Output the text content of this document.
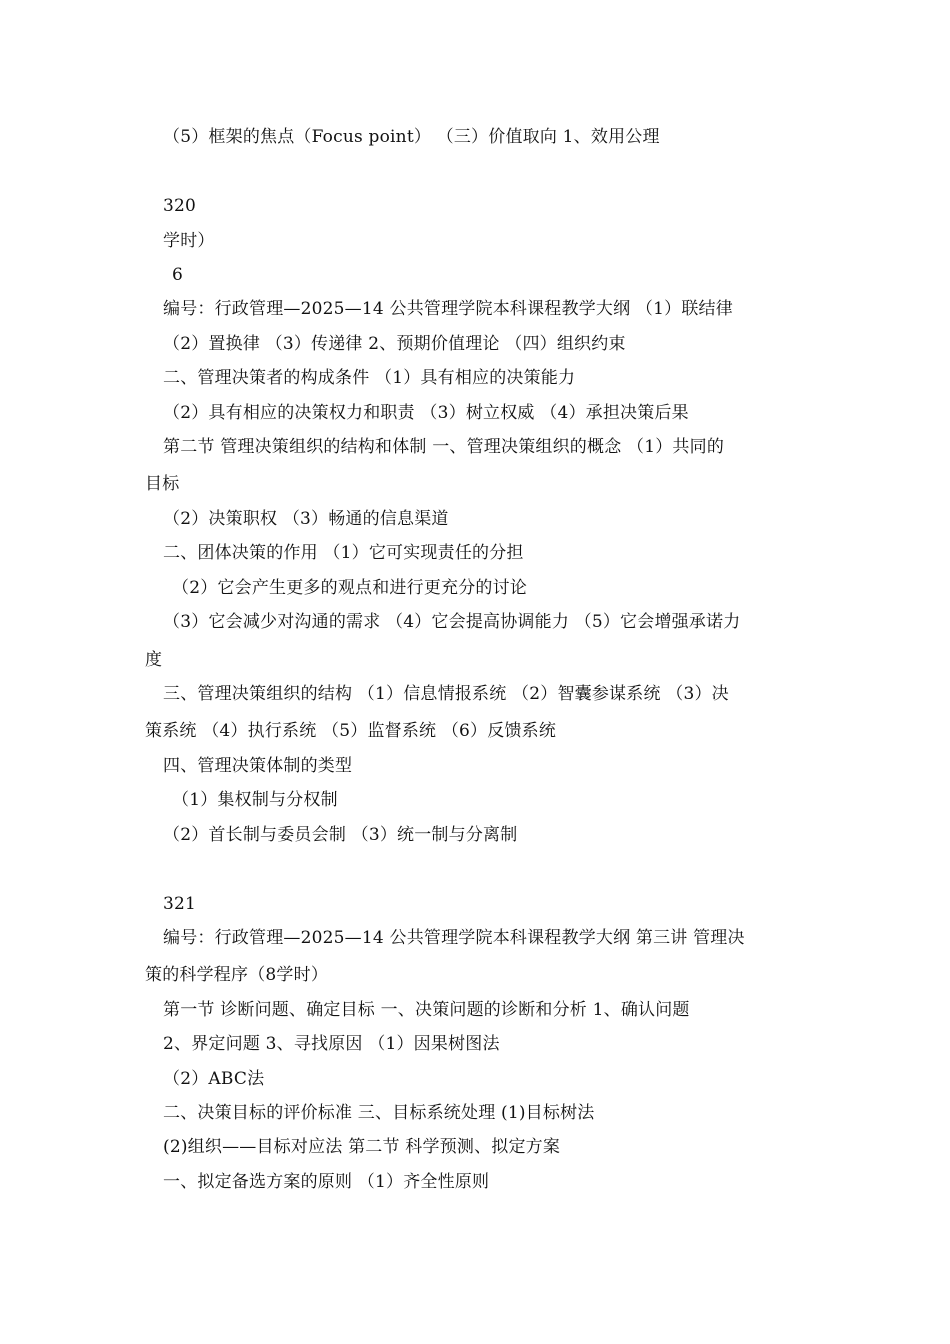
（5）框架的焦点（Focus point） （三）价值取向 1、效用公理
320
学时）
6
编号：行政管理—2025—14 公共管理学院本科课程教学大纲 （1）联结律
（2）置换律 （3）传递律 2、预期价值理论 （四）组织约束
二、管理决策者的构成条件 （1）具有相应的决策能力
（2）具有相应的决策权力和职责 （3）树立权威 （4）承担决策后果
第二节 管理决策组织的结构和体制 一、管理决策组织的概念 （1）共同的
目标
（2）决策职权 （3）畅通的信息渠道
二、团体决策的作用 （1）它可实现责任的分担
（2）它会产生更多的观点和进行更充分的讨论
（3）它会减少对沟通的需求 （4）它会提高协调能力 （5）它会增强承诺力
度
三、管理决策组织的结构 （1）信息情报系统 （2）智囊参谋系统 （3）决
策系统 （4）执行系统 （5）监督系统 （6）反馈系统
四、管理决策体制的类型
（1）集权制与分权制
（2）首长制与委员会制 （3）统一制与分离制
321
编号：行政管理—2025—14 公共管理学院本科课程教学大纲 第三讲 管理决
策的科学程序（8学时）
第一节 诊断问题、确定目标 一、决策问题的诊断和分析 1、确认问题
2、界定问题 3、寻找原因 （1）因果树图法
（2）ABC法
二、决策目标的评价标准 三、目标系统处理 (1)目标树法
(2)组织——目标对应法 第二节 科学预测、拟定方案
一、拟定备选方案的原则 （1）齐全性原则
